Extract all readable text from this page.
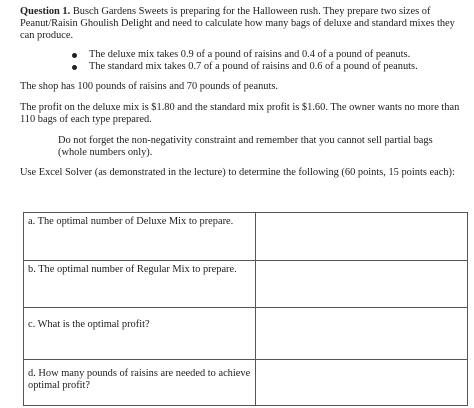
Question 1. Busch Gardens Sweets is preparing for the Halloween rush. They prepare two sizes of Peanut/Raisin Ghoulish Delight and need to calculate how many bags of deluxe and standard mixes they can produce.

The deluxe mix takes 0.9 of a pound of raisins and 0.4 of a pound of peanuts.
The standard mix takes 0.7 of a pound of raisins and 0.6 of a pound of peanuts.

The shop has 100 pounds of raisins and 70 pounds of peanuts.

The profit on the deluxe mix is $1.80 and the standard mix profit is $1.60. The owner wants no more than 110 bags of each type prepared.

Do not forget the non-negativity constraint and remember that you cannot sell partial bags (whole numbers only).

Use Excel Solver (as demonstrated in the lecture) to determine the following (60 points, 15 points each):

a. The optimal number of Deluxe Mix to prepare.	
b. The optimal number of Regular Mix to prepare.	
c. What is the optimal profit?	
d. How many pounds of raisins are needed to achieve optimal profit?	
